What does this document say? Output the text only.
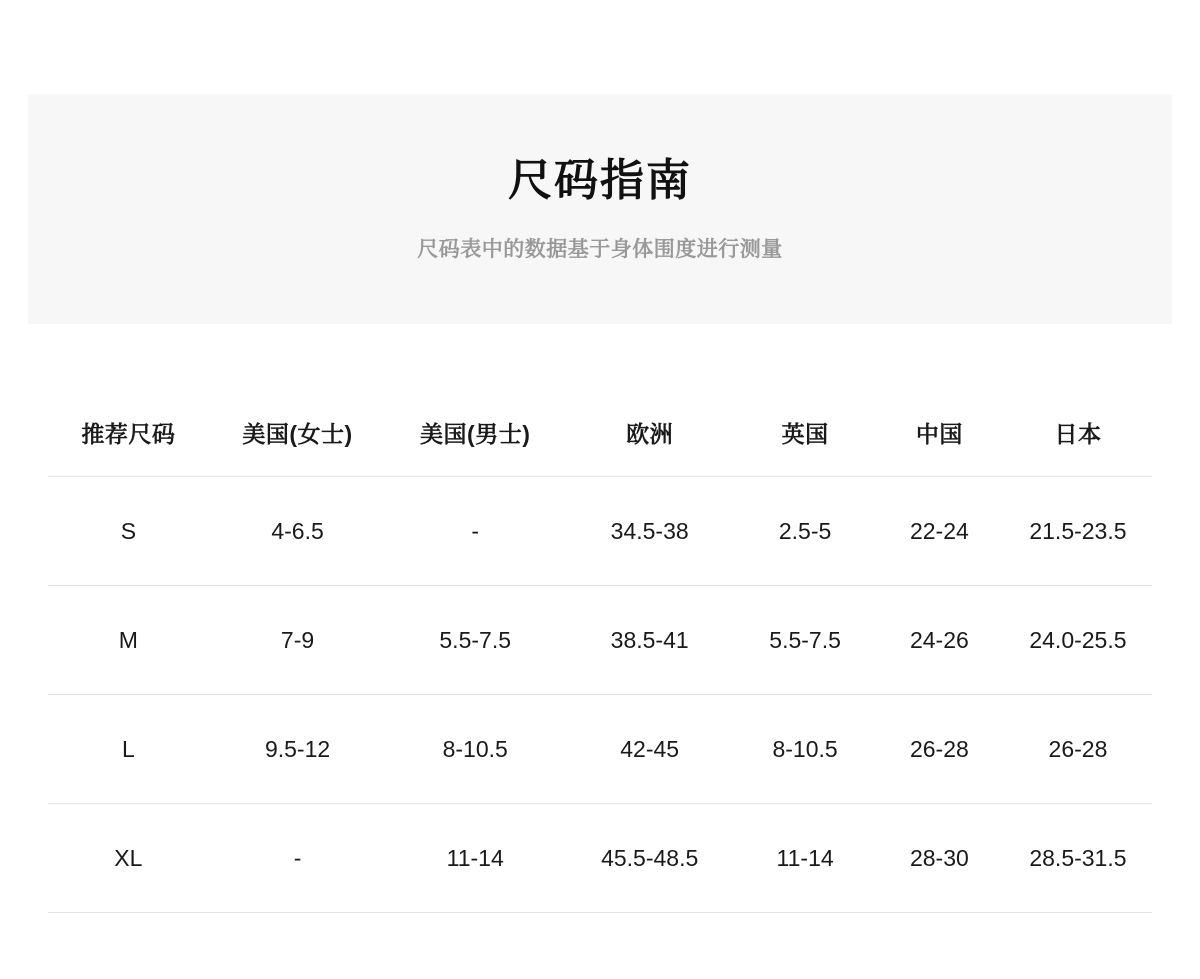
尺码指南
尺码表中的数据基于身体围度进行测量
推荐尺码	美国(女士)	美国(男士)	欧洲	英国	中国	日本
S	4-6.5	-	34.5-38	2.5-5	22-24	21.5-23.5
M	7-9	5.5-7.5	38.5-41	5.5-7.5	24-26	24.0-25.5
L	9.5-12	8-10.5	42-45	8-10.5	26-28	26-28
XL	-	11-14	45.5-48.5	11-14	28-30	28.5-31.5
